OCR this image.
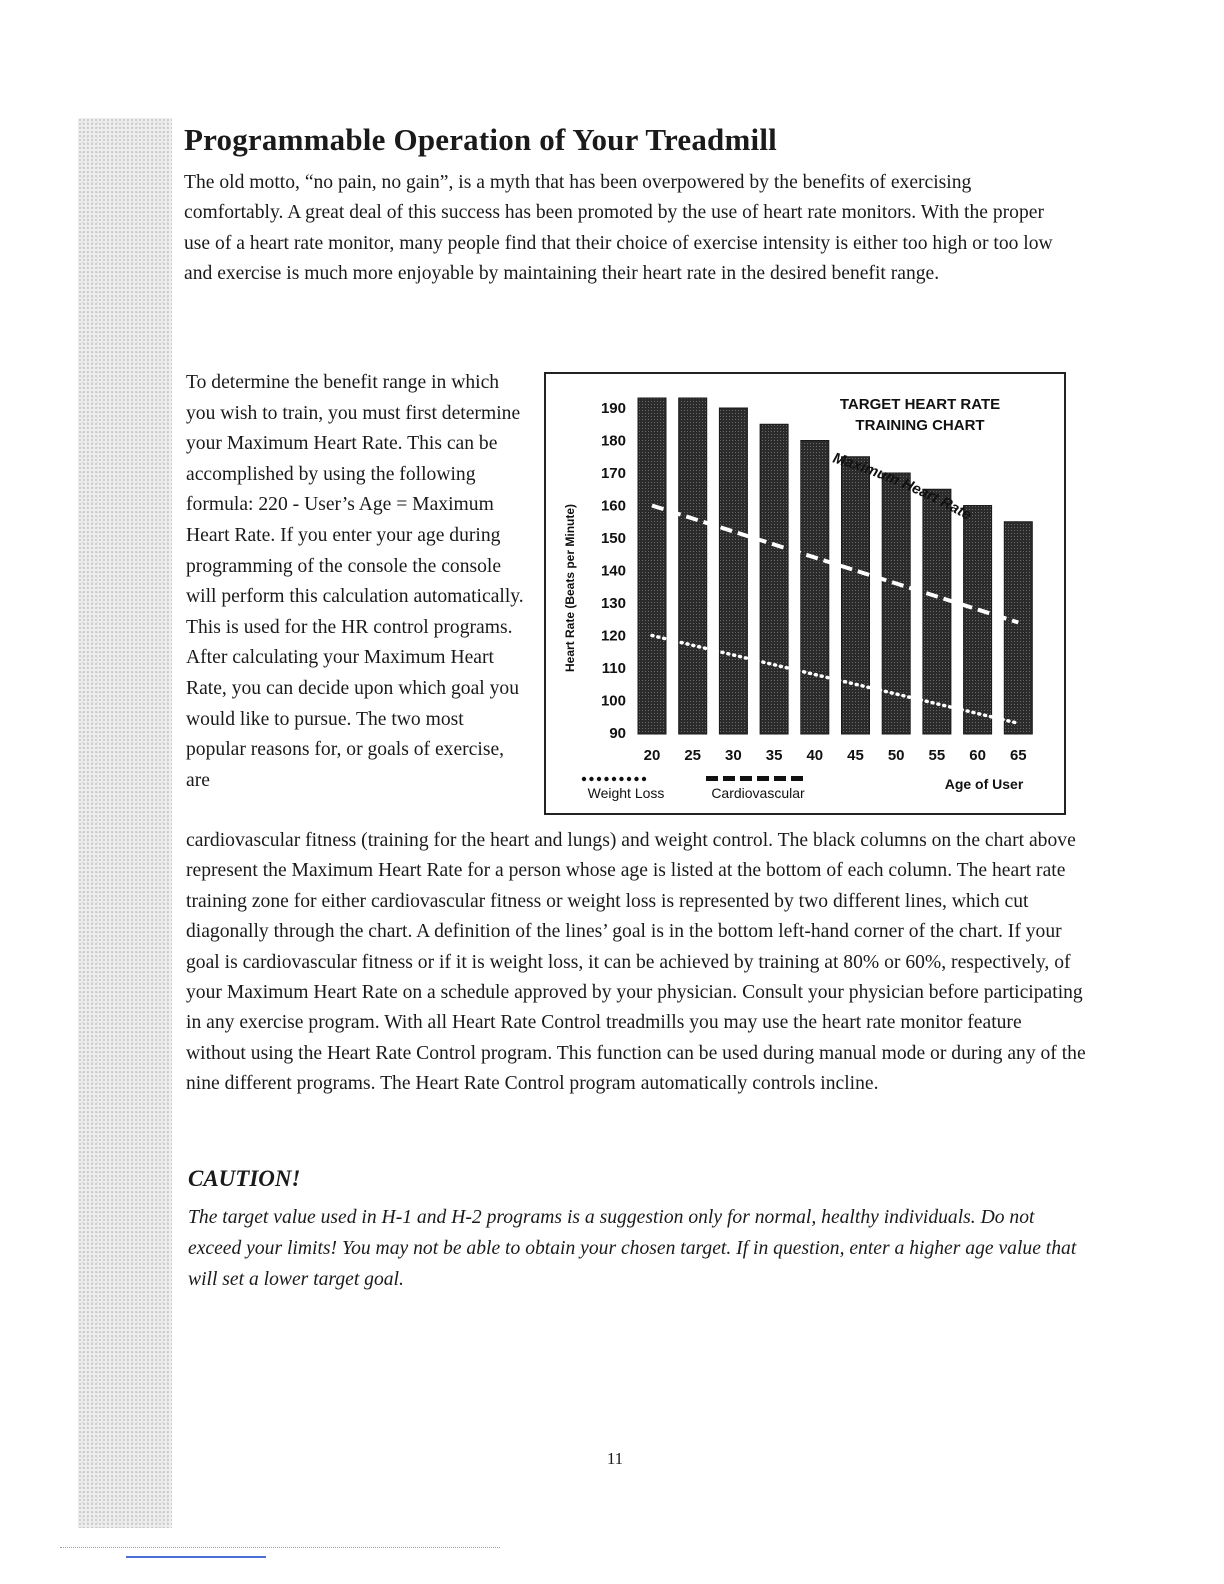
Programmable Operation of Your Treadmill

The old motto, “no pain, no gain”, is a myth that has been overpowered by the benefits of exercising comfortably. A great deal of this success has been promoted by the use of heart rate monitors. With the proper use of a heart rate monitor, many people find that their choice of exercise intensity is either too high or too low and exercise is much more enjoyable by maintaining their heart rate in the desired benefit range.

To determine the benefit range in which you wish to train, you must first determine your Maximum Heart Rate. This can be accomplished by using the following formula: 220 - User’s Age = Maximum Heart Rate. If you enter your age during programming of the console the console will perform this calculation automatically. This is used for the HR control programs. After calculating your Maximum Heart Rate, you can decide upon which goal you would like to pursue. The two most popular reasons for, or goals of exercise, are

TARGET HEART RATE
TRAINING CHART
Heart Rate (Beats per Minute)
Age of User
Weight Loss	Cardiovascular
190
180
170
160
150
140
130
120
110
100
90
20 25 30 35 40 45 50 55 60 65
Maximum Heart Rate

cardiovascular fitness (training for the heart and lungs) and weight control. The black columns on the chart above represent the Maximum Heart Rate for a person whose age is listed at the bottom of each column. The heart rate training zone for either cardiovascular fitness or weight loss is represented by two different lines, which cut diagonally through the chart. A definition of the lines’ goal is in the bottom left-hand corner of the chart. If your goal is cardiovascular fitness or if it is weight loss, it can be achieved by training at 80% or 60%, respectively, of your Maximum Heart Rate on a schedule approved by your physician. Consult your physician before participating in any exercise program. With all Heart Rate Control treadmills you may use the heart rate monitor feature without using the Heart Rate Control program. This function can be used during manual mode or during any of the nine different programs. The Heart Rate Control program automatically controls incline.

CAUTION!

The target value used in H-1 and H-2 programs is a suggestion only for normal, healthy individuals. Do not exceed your limits! You may not be able to obtain your chosen target. If in question, enter a higher age value that will set a lower target goal.

11
